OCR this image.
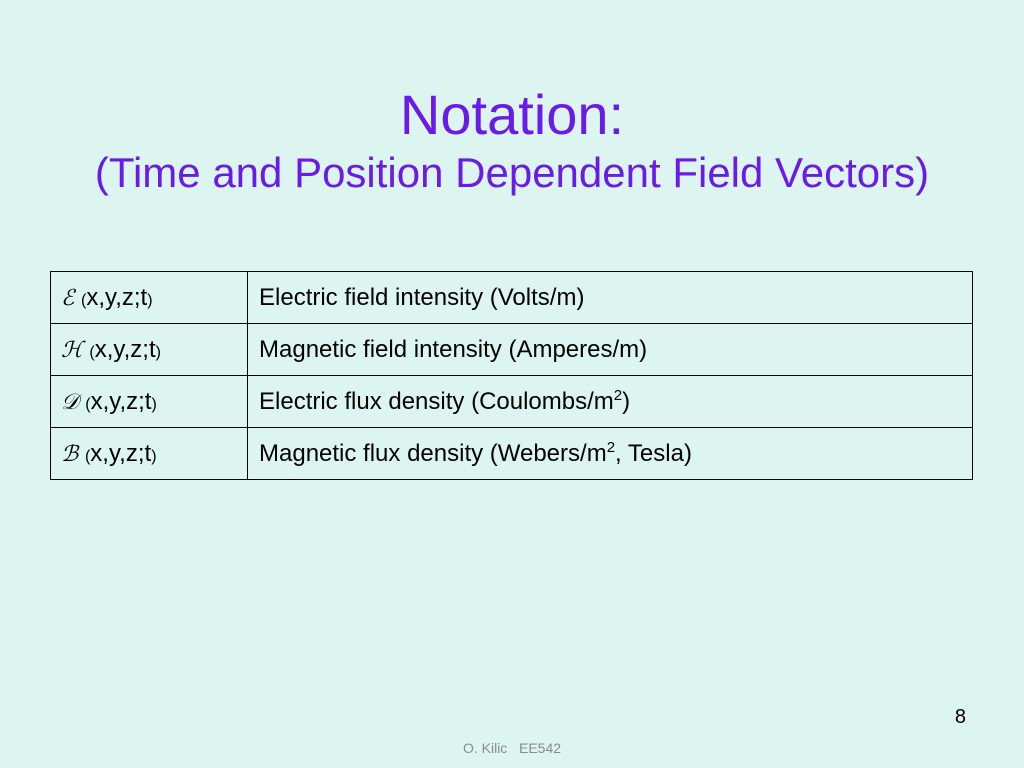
Notation:
(Time and Position Dependent Field Vectors)
ℰ (x,y,z;t)	Electric field intensity (Volts/m)
ℋ (x,y,z;t)	Magnetic field intensity (Amperes/m)
𝒟 (x,y,z;t)	Electric flux density $(Coulombs/m^2)$
ℬ (x,y,z;t)	Magnetic flux density ($Webers/m^2$, Tesla)
8
O. Kilic   EE542
